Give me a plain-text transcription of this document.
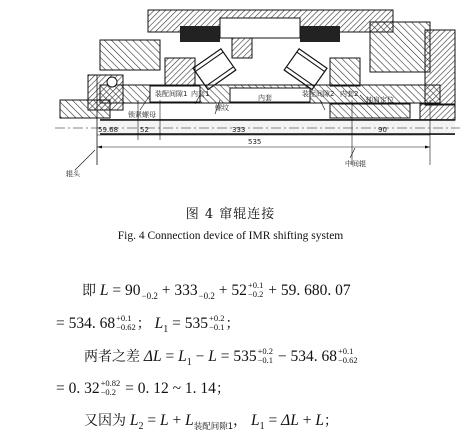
锁紧螺母
装配间隙1 内套1
螺纹
内套	装配间隙2 内套2
轴肩定位
辊头
中间辊
59.68	52	333	90
535
图 4 窜辊连接
Fig. 4 Connection device of IMR shifting system
即 $L = 90_{-0.2} + 333_{-0.2} + 52 +0.1$
−0.2 + 59. 680. 07
= 534. 68 +0.1
−0.62 ； $L_1 = 535 +0.2$
−0.1 ；
两者之差 $\Delta L = L_1 - L = 535 +0.2$
−0.1 − 534. 68 +0.1
−0.62
= 0. 32 +0.82
−0.2 = 0. 12 ~ 1. 14；
又因为 $L_2 = L + L_{装配间隙1}$， $L_1 = \Delta L + L$；
